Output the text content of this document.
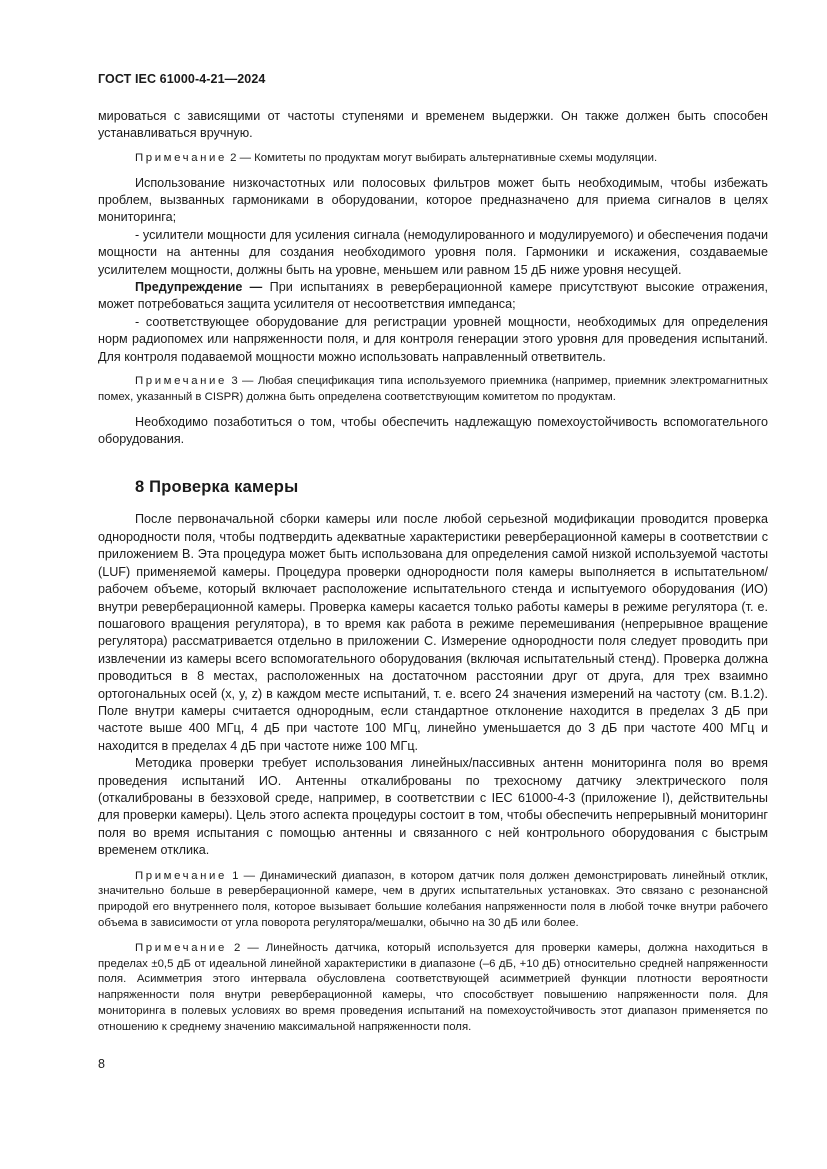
ГОСТ IEC 61000-4-21—2024

мироваться с зависящими от частоты ступенями и временем выдержки. Он также должен быть способен устанавливаться вручную.

Примечание 2 — Комитеты по продуктам могут выбирать альтернативные схемы модуляции.

Использование низкочастотных или полосовых фильтров может быть необходимым, чтобы избежать проблем, вызванных гармониками в оборудовании, которое предназначено для приема сигналов в целях мониторинга;

- усилители мощности для усиления сигнала (немодулированного и модулируемого) и обеспечения подачи мощности на антенны для создания необходимого уровня поля. Гармоники и искажения, создаваемые усилителем мощности, должны быть на уровне, меньшем или равном 15 дБ ниже уровня несущей.

Предупреждение — При испытаниях в реверберационной камере присутствуют высокие отражения, может потребоваться защита усилителя от несоответствия импеданса;

- соответствующее оборудование для регистрации уровней мощности, необходимых для определения норм радиопомех или напряженности поля, и для контроля генерации этого уровня для проведения испытаний. Для контроля подаваемой мощности можно использовать направленный ответвитель.

Примечание 3 — Любая спецификация типа используемого приемника (например, приемник электромагнитных помех, указанный в CISPR) должна быть определена соответствующим комитетом по продуктам.

Необходимо позаботиться о том, чтобы обеспечить надлежащую помехоустойчивость вспомогательного оборудования.

8 Проверка камеры

После первоначальной сборки камеры или после любой серьезной модификации проводится проверка однородности поля, чтобы подтвердить адекватные характеристики реверберационной камеры в соответствии с приложением B. Эта процедура может быть использована для определения самой низкой используемой частоты (LUF) применяемой камеры. Процедура проверки однородности поля камеры выполняется в испытательном/рабочем объеме, который включает расположение испытательного стенда и испытуемого оборудования (ИО) внутри реверберационной камеры. Проверка камеры касается только работы камеры в режиме регулятора (т. е. пошагового вращения регулятора), в то время как работа в режиме перемешивания (непрерывное вращение регулятора) рассматривается отдельно в приложении C. Измерение однородности поля следует проводить при извлечении из камеры всего вспомогательного оборудования (включая испытательный стенд). Проверка должна проводиться в 8 местах, расположенных на достаточном расстоянии друг от друга, для трех взаимно ортогональных осей (x, y, z) в каждом месте испытаний, т. е. всего 24 значения измерений на частоту (см. B.1.2). Поле внутри камеры считается однородным, если стандартное отклонение находится в пределах 3 дБ при частоте выше 400 МГц, 4 дБ при частоте 100 МГц, линейно уменьшается до 3 дБ при частоте 400 МГц и находится в пределах 4 дБ при частоте ниже 100 МГц.

Методика проверки требует использования линейных/пассивных антенн мониторинга поля во время проведения испытаний ИО. Антенны откалиброваны по трехосному датчику электрического поля (откалиброваны в безэховой среде, например, в соответствии с IEC 61000-4-3 (приложение I), действительны для проверки камеры). Цель этого аспекта процедуры состоит в том, чтобы обеспечить непрерывный мониторинг поля во время испытания с помощью антенны и связанного с ней контрольного оборудования с быстрым временем отклика.

Примечание 1 — Динамический диапазон, в котором датчик поля должен демонстрировать линейный отклик, значительно больше в реверберационной камере, чем в других испытательных установках. Это связано с резонансной природой его внутреннего поля, которое вызывает большие колебания напряженности поля в любой точке внутри рабочего объема в зависимости от угла поворота регулятора/мешалки, обычно на 30 дБ или более.

Примечание 2 — Линейность датчика, который используется для проверки камеры, должна находиться в пределах ±0,5 дБ от идеальной линейной характеристики в диапазоне (–6 дБ, +10 дБ) относительно средней напряженности поля. Асимметрия этого интервала обусловлена соответствующей асимметрией функции плотности вероятности напряженности поля внутри реверберационной камеры, что способствует повышению напряженности поля. Для мониторинга в полевых условиях во время проведения испытаний на помехоустойчивость этот диапазон применяется по отношению к среднему значению максимальной напряженности поля.

8
